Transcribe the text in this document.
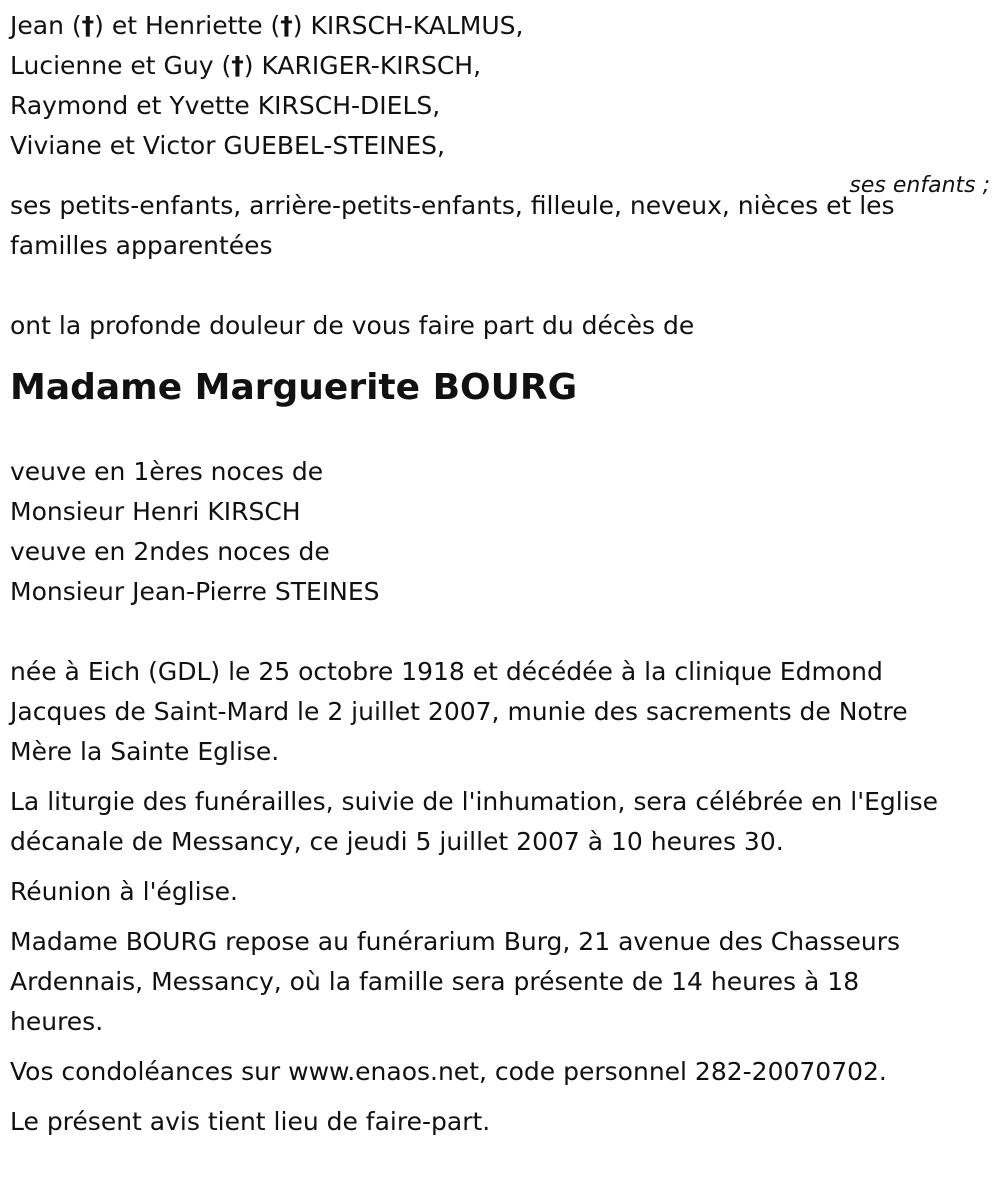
Jean (†) et Henriette (†) KIRSCH-KALMUS,
Lucienne et Guy (†) KARIGER-KIRSCH,
Raymond et Yvette KIRSCH-DIELS,
Viviane et Victor GUEBEL-STEINES,
ses enfants ;
ses petits-enfants, arrière-petits-enfants, filleule, neveux, nièces et les
familles apparentées
ont la profonde douleur de vous faire part du décès de
Madame Marguerite BOURG
veuve en 1ères noces de
Monsieur Henri KIRSCH
veuve en 2ndes noces de
Monsieur Jean-Pierre STEINES

née à Eich (GDL) le 25 octobre 1918 et décédée à la clinique Edmond
Jacques de Saint-Mard le 2 juillet 2007, munie des sacrements de Notre
Mère la Sainte Eglise.

La liturgie des funérailles, suivie de l'inhumation, sera célébrée en l'Eglise
décanale de Messancy, ce jeudi 5 juillet 2007 à 10 heures 30.

Réunion à l'église.

Madame BOURG repose au funérarium Burg, 21 avenue des Chasseurs
Ardennais, Messancy, où la famille sera présente de 14 heures à 18
heures.

Vos condoléances sur www.enaos.net, code personnel 282-20070702.

Le présent avis tient lieu de faire-part.
